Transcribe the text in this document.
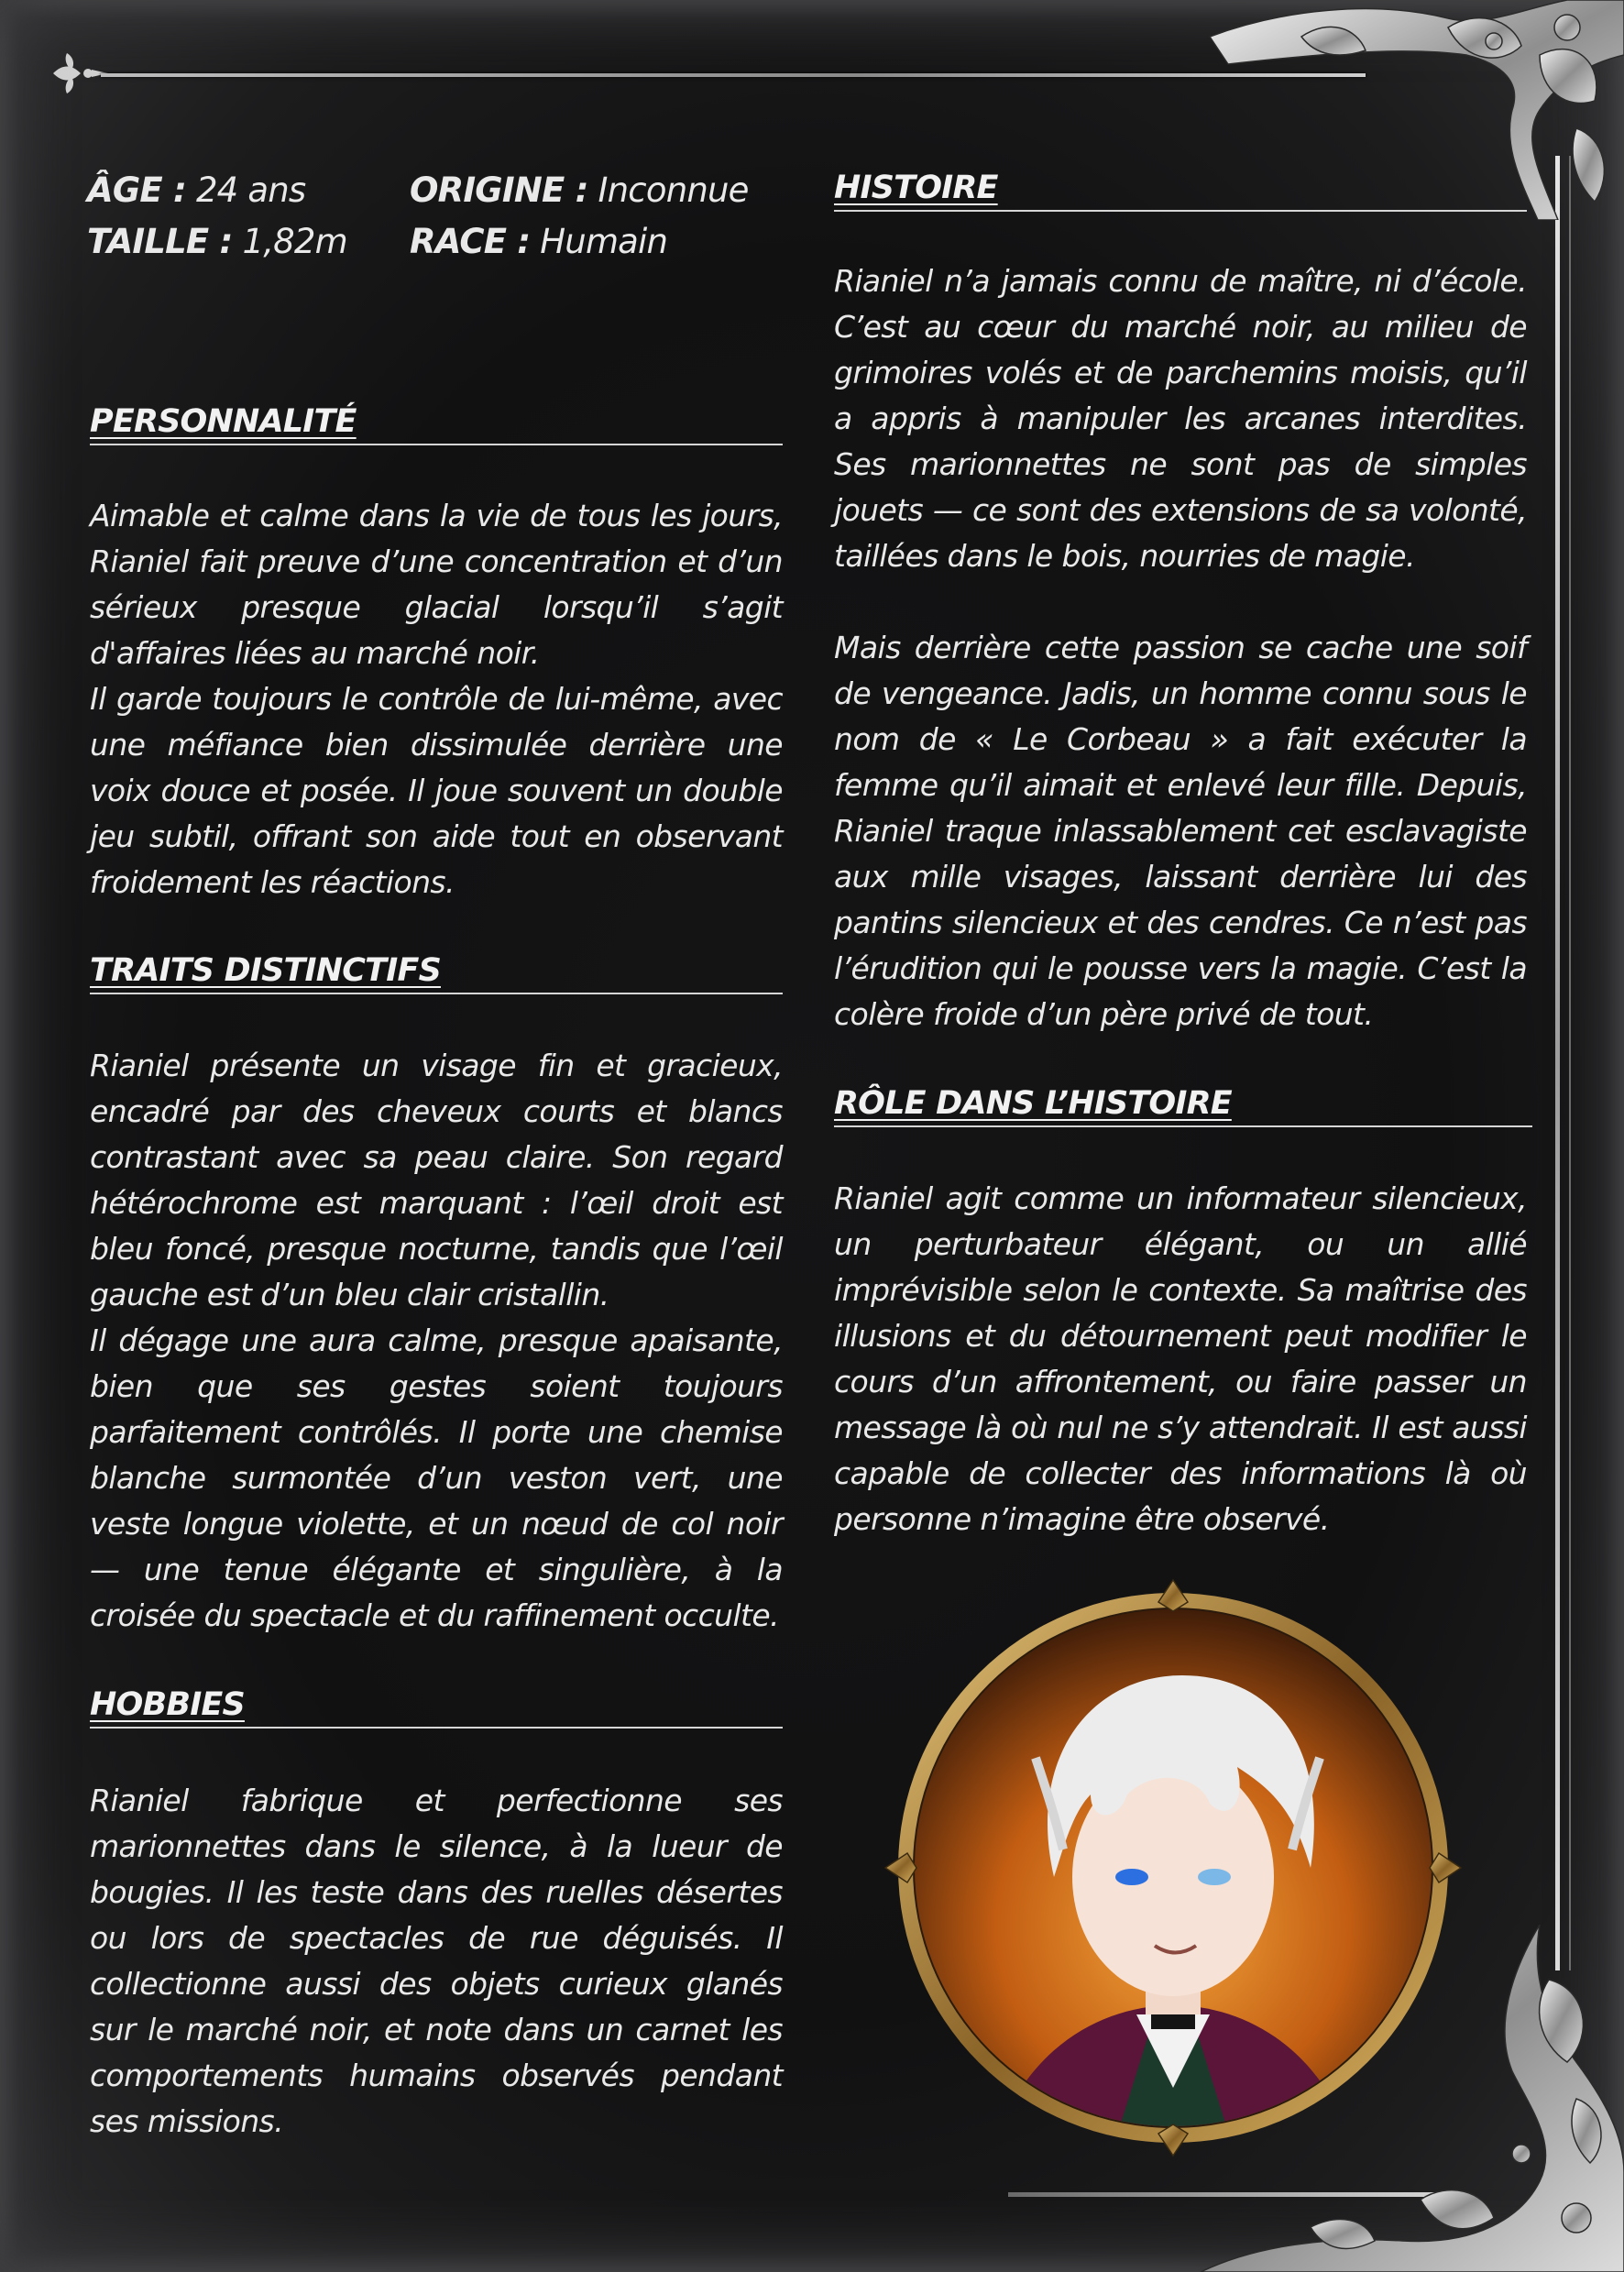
ÂGE : 24 ans
TAILLE : 1,82m
ORIGINE : Inconnue
RACE : Humain
PERSONNALITÉ

Aimable et calme dans la vie de tous les jours, Rianiel fait preuve d’une concentration et d’un sérieux presque glacial lorsqu’il s’agit d'affaires liées au marché noir.

Il garde toujours le contrôle de lui-même, avec une méfiance bien dissimulée derrière une voix douce et posée. Il joue souvent un double jeu subtil, offrant son aide tout en observant froidement les réactions.

TRAITS DISTINCTIFS

Rianiel présente un visage fin et gracieux, encadré par des cheveux courts et blancs contrastant avec sa peau claire. Son regard hétérochrome est marquant : l’œil droit est bleu foncé, presque nocturne, tandis que l’œil gauche est d’un bleu clair cristallin.

Il dégage une aura calme, presque apaisante, bien que ses gestes soient toujours parfaitement contrôlés. Il porte une chemise blanche surmontée d’un veston vert, une veste longue violette, et un nœud de col noir — une tenue élégante et singulière, à la croisée du spectacle et du raffinement occulte.

HOBBIES

Rianiel fabrique et perfectionne ses marionnettes dans le silence, à la lueur de bougies. Il les teste dans des ruelles désertes ou lors de spectacles de rue déguisés. Il collectionne aussi des objets curieux glanés sur le marché noir, et note dans un carnet les comportements humains observés pendant ses missions.

HISTOIRE

Rianiel n’a jamais connu de maître, ni d’école. C’est au cœur du marché noir, au milieu de grimoires volés et de parchemins moisis, qu’il a appris à manipuler les arcanes interdites. Ses marionnettes ne sont pas de simples jouets — ce sont des extensions de sa volonté, taillées dans le bois, nourries de magie.

Mais derrière cette passion se cache une soif de vengeance. Jadis, un homme connu sous le nom de « Le Corbeau » a fait exécuter la femme qu’il aimait et enlevé leur fille. Depuis, Rianiel traque inlassablement cet esclavagiste aux mille visages, laissant derrière lui des pantins silencieux et des cendres. Ce n’est pas l’érudition qui le pousse vers la magie. C’est la colère froide d’un père privé de tout.

RÔLE DANS L’HISTOIRE

Rianiel agit comme un informateur silencieux, un perturbateur élégant, ou un allié imprévisible selon le contexte. Sa maîtrise des illusions et du détournement peut modifier le cours d’un affrontement, ou faire passer un message là où nul ne s’y attendrait. Il est aussi capable de collecter des informations là où personne n’imagine être observé.
